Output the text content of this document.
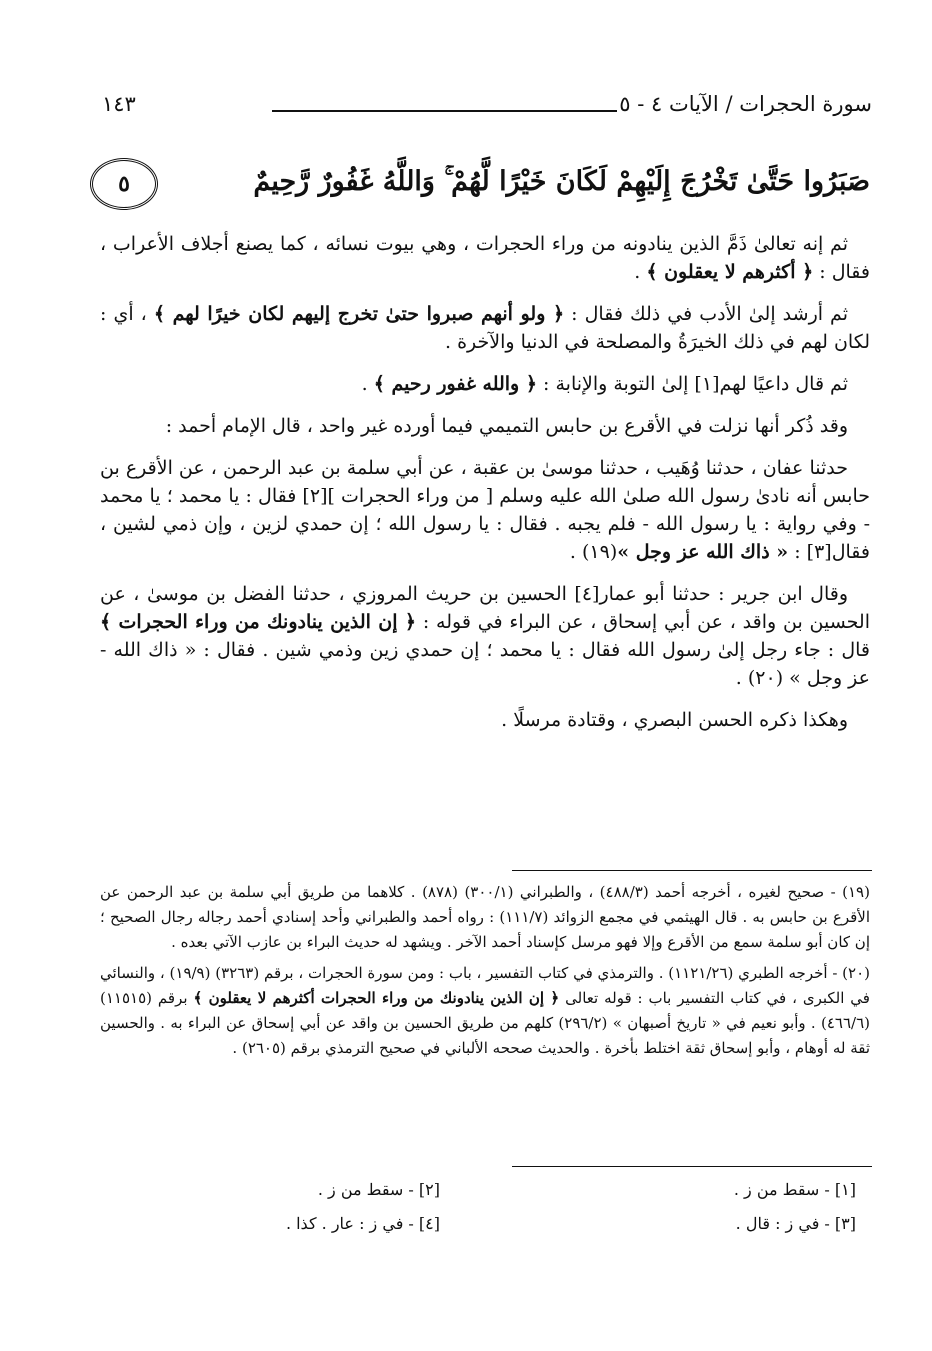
سورة الحجرات / الآيات ٤ - ٥
١٤٣
صَبَرُوا حَتَّىٰ تَخْرُجَ إِلَيْهِمْ لَكَانَ خَيْرًا لَّهُمْ ۚ وَاللَّهُ غَفُورٌ رَّحِيمٌ
٥

ثم إنه تعالىٰ ذَمَّ الذين ينادونه من وراء الحجرات ، وهي بيوت نسائه ، كما يصنع أجلاف الأعراب ، فقال : ﴿ أكثرهم لا يعقلون ﴾ .

ثم أرشد إلىٰ الأدب في ذلك فقال : ﴿ ولو أنهم صبروا حتىٰ تخرج إليهم لكان خيرًا لهم ﴾ ، أي : لكان لهم في ذلك الخيرَةُ والمصلحة في الدنيا والآخرة .

ثم قال داعيًا لهم[١] إلىٰ التوبة والإنابة : ﴿ والله غفور رحيم ﴾ .

وقد ذُكر أنها نزلت في الأقرع بن حابس التميمي فيما أورده غير واحد ، قال الإمام أحمد :

حدثنا عفان ، حدثنا وُهَيب ، حدثنا موسىٰ بن عقبة ، عن أبي سلمة بن عبد الرحمن ، عن الأقرع بن حابس أنه نادىٰ رسول الله صلىٰ الله عليه وسلم [ من وراء الحجرات ][٢] فقال : يا محمد ؛ يا محمد - وفي رواية : يا رسول الله - فلم يجبه . فقال : يا رسول الله ؛ إن حمدي لزين ، وإن ذمي لشين ، فقال[٣] : « ذاك الله عز وجل »(١٩) .

وقال ابن جرير : حدثنا أبو عمار[٤] الحسين بن حريث المروزي ، حدثنا الفضل بن موسىٰ ، عن الحسين بن واقد ، عن أبي إسحاق ، عن البراء في قوله : ﴿ إن الذين ينادونك من وراء الحجرات ﴾ قال : جاء رجل إلىٰ رسول الله فقال : يا محمد ؛ إن حمدي زين وذمي شين . فقال : « ذاك الله - عز وجل » (٢٠) .

وهكذا ذكره الحسن البصري ، وقتادة مرسلًا .

(١٩) - صحيح لغيره ، أخرجه أحمد (٤٨٨/٣) ، والطبراني (٣٠٠/١) (٨٧٨) . كلاهما من طريق أبي سلمة بن عبد الرحمن عن الأقرع بن حابس به . قال الهيثمي في مجمع الزوائد (١١١/٧) : رواه أحمد والطبراني وأحد إسنادي أحمد رجاله رجال الصحيح ؛ إن كان أبو سلمة سمع من الأقرع وإلا فهو مرسل كإسناد أحمد الآخر . ويشهد له حديث البراء بن عازب الآتي بعده .

(٢٠) - أخرجه الطبري (١١٢١/٢٦) . والترمذي في كتاب التفسير ، باب : ومن سورة الحجرات ، برقم (٣٢٦٣) (١٩/٩) ، والنسائي في الكبرى ، في كتاب التفسير باب : قوله تعالى ﴿ إن الذين ينادونك من وراء الحجرات أكثرهم لا يعقلون ﴾ برقم (١١٥١٥) (٤٦٦/٦) . وأبو نعيم في « تاريخ أصبهان » (٢٩٦/٢) كلهم من طريق الحسين بن واقد عن أبي إسحاق عن البراء به . والحسين ثقة له أوهام ، وأبو إسحاق ثقة اختلط بأخرة . والحديث صححه الألباني في صحيح الترمذي برقم (٢٦٠٥) .

[١] - سقط من ز .
[٢] - سقط من ز .
[٣] - في ز : قال .
[٤] - في ز : عار . كذا .
